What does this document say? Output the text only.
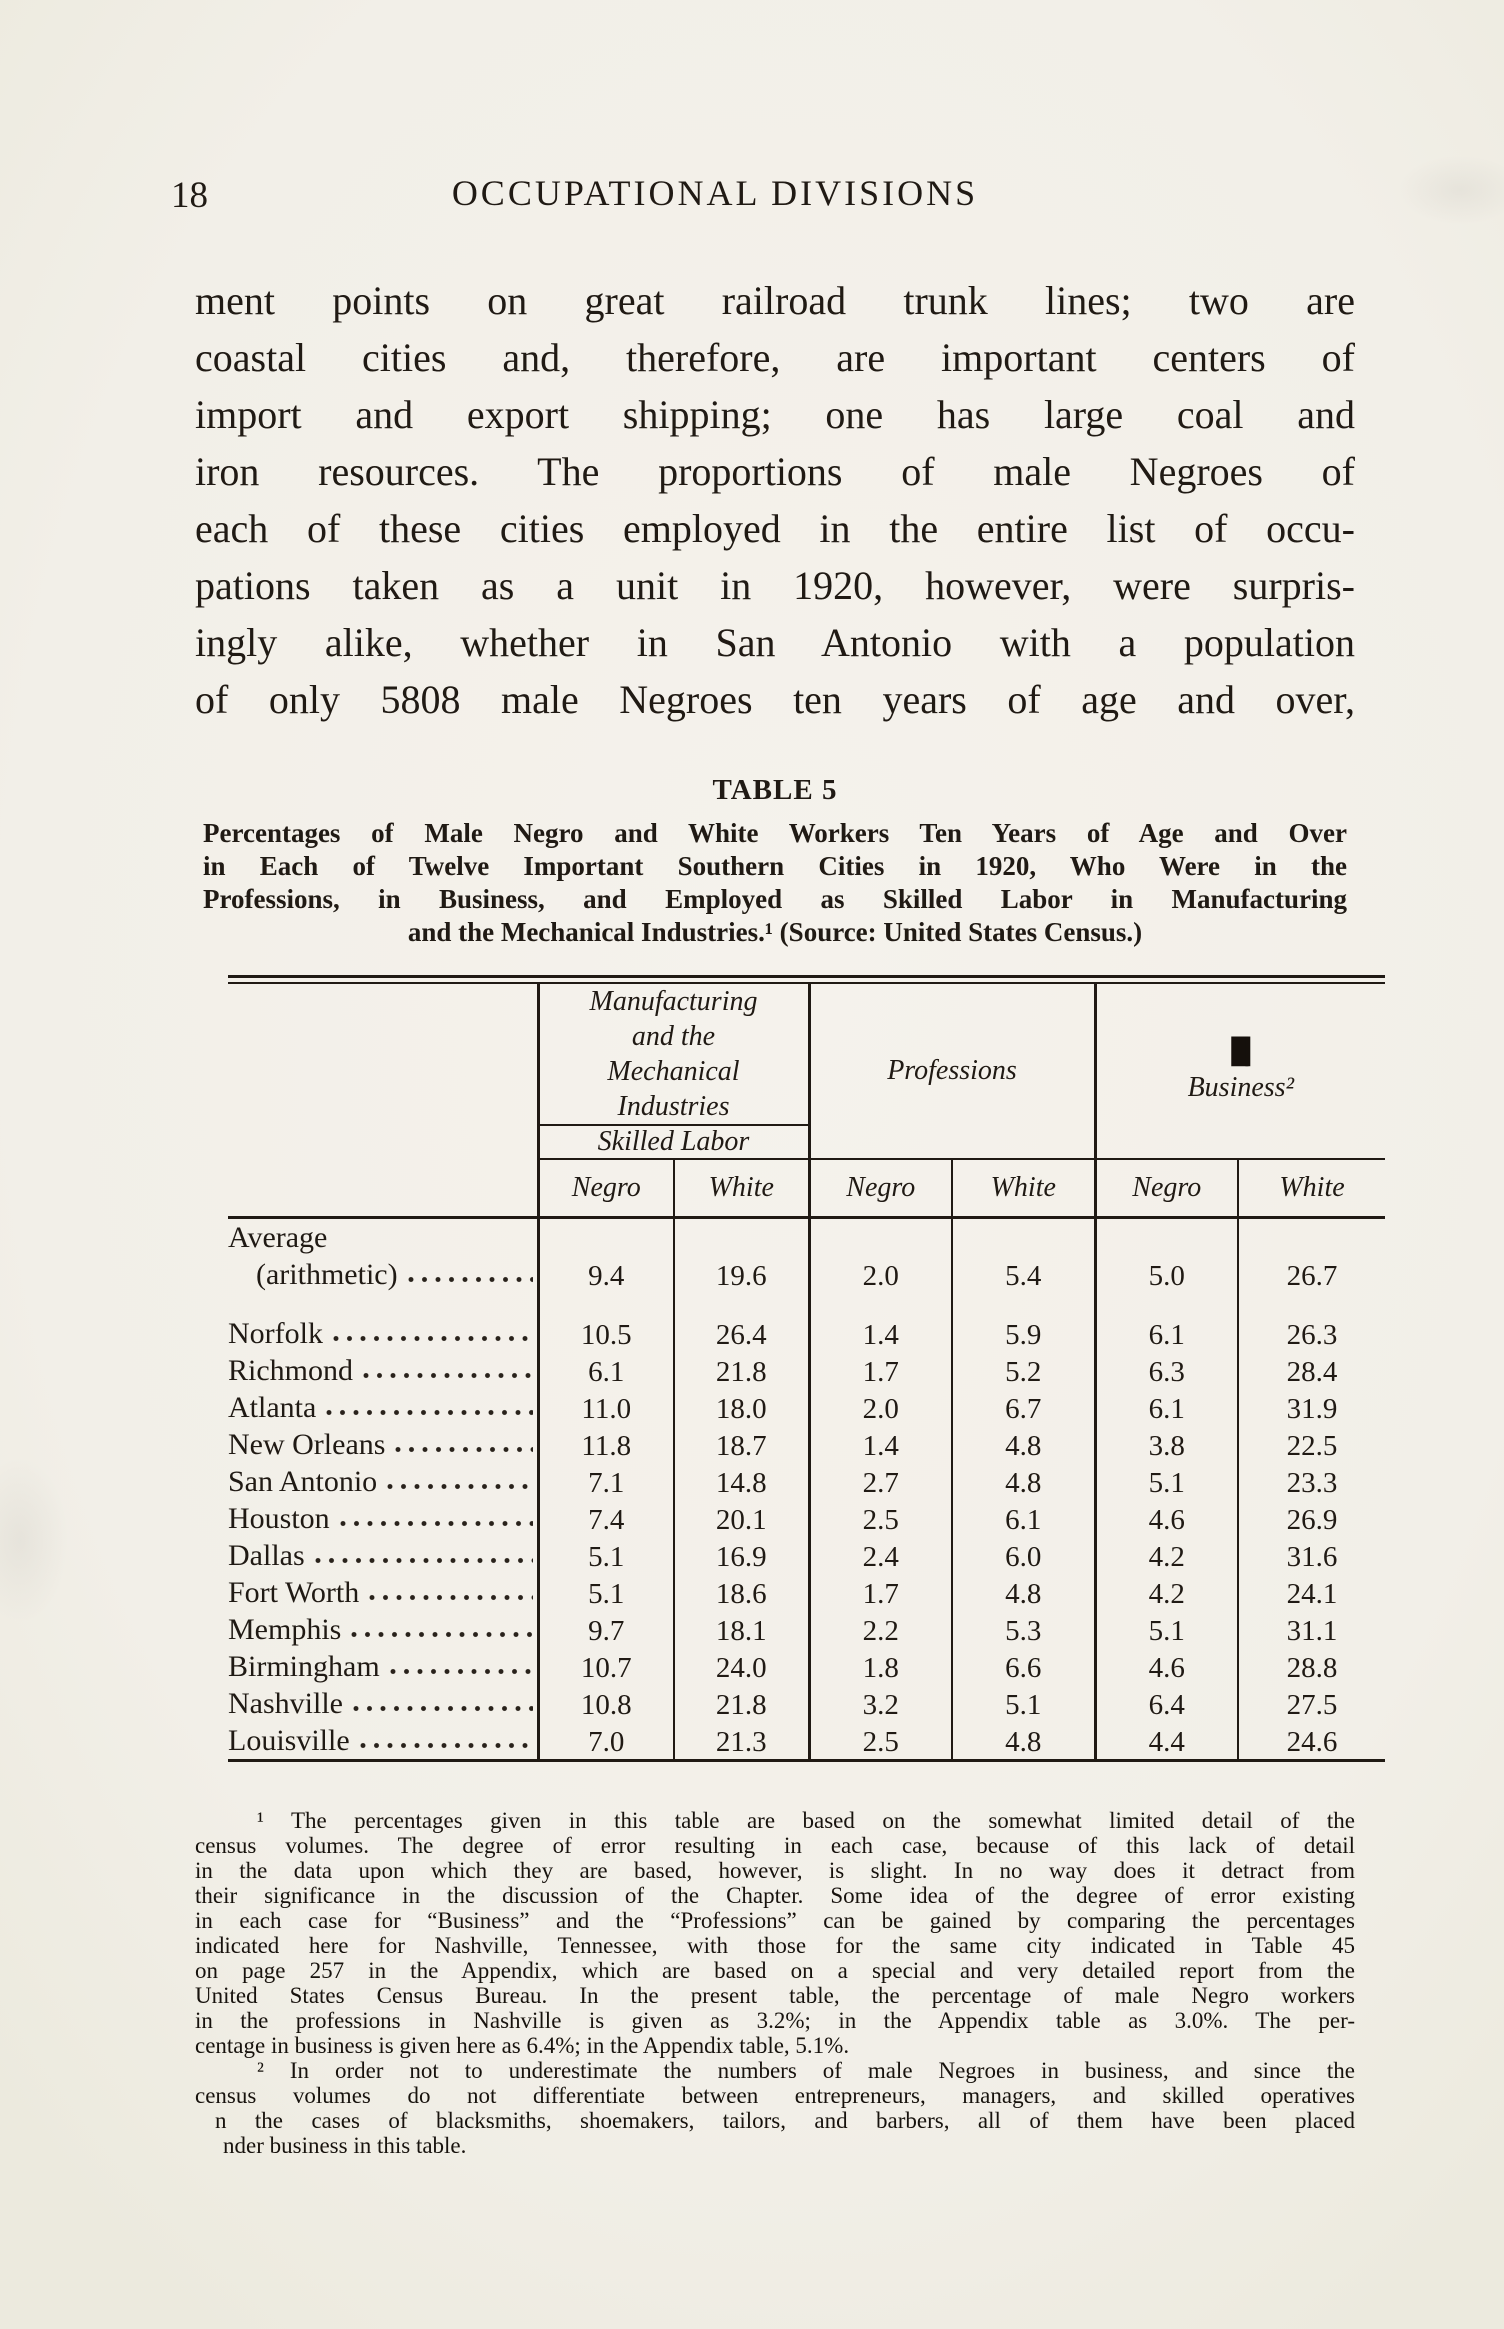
18	OCCUPATIONAL DIVISIONS
ment points on great railroad trunk lines; two are
coastal cities and, therefore, are important centers of
import and export shipping; one has large coal and
iron resources. The proportions of male Negroes of
each of these cities employed in the entire list of occu-
pations taken as a unit in 1920, however, were surpris-
ingly alike, whether in San Antonio with a population
of only 5808 male Negroes ten years of age and over,
TABLE 5
Percentages of Male Negro and White Workers Ten Years of Age and Over
in Each of Twelve Important Southern Cities in 1920, Who Were in the
Professions, in Business, and Employed as Skilled Labor in Manufacturing
and the Mechanical Industries.¹ (Source: United States Census.)

Manufacturing
and the
Mechanical
Industries
	Professions	
▉▎
Business²

	Skilled Labor					
	Negro	White	Negro	White	Negro	White

Average
(arithmetic)	9.4	19.6	2.0	5.4	5.0	26.7

Norfolk	10.5	26.4	1.4	5.9	6.1	26.3

Richmond	6.1	21.8	1.7	5.2	6.3	28.4

Atlanta	11.0	18.0	2.0	6.7	6.1	31.9

New Orleans	11.8	18.7	1.4	4.8	3.8	22.5

San Antonio	7.1	14.8	2.7	4.8	5.1	23.3

Houston	7.4	20.1	2.5	6.1	4.6	26.9

Dallas	5.1	16.9	2.4	6.0	4.2	31.6

Fort Worth	5.1	18.6	1.7	4.8	4.2	24.1

Memphis	9.7	18.1	2.2	5.3	5.1	31.1

Birmingham	10.7	24.0	1.8	6.6	4.6	28.8

Nashville	10.8	21.8	3.2	5.1	6.4	27.5

Louisville	7.0	21.3	2.5	4.8	4.4	24.6
¹ The percentages given in this table are based on the somewhat limited detail of the
census volumes. The degree of error resulting in each case, because of this lack of detail
in the data upon which they are based, however, is slight. In no way does it detract from
their significance in the discussion of the Chapter. Some idea of the degree of error existing
in each case for “Business” and the “Professions” can be gained by comparing the percentages
indicated here for Nashville, Tennessee, with those for the same city indicated in Table 45
on page 257 in the Appendix, which are based on a special and very detailed report from the
United States Census Bureau. In the present table, the percentage of male Negro workers
in the professions in Nashville is given as 3.2%; in the Appendix table as 3.0%. The per-
centage in business is given here as 6.4%; in the Appendix table, 5.1%.
² In order not to underestimate the numbers of male Negroes in business, and since the
census volumes do not differentiate between entrepreneurs, managers, and skilled operatives
n the cases of blacksmiths, shoemakers, tailors, and barbers, all of them have been placed
nder business in this table.
